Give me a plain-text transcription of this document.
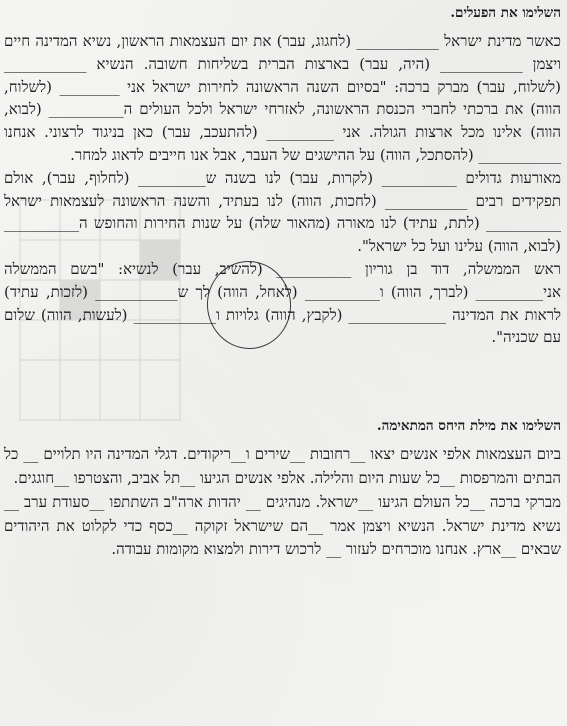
השלימו את הפעלים.

כאשר מדינת ישראל ___________ (לחגוג, עבר) את יום העצמאות הראשון, נשיא המדינה חיים ויצמן ___________ (היה, עבר) בארצות הברית בשליחות חשובה. הנשיא ___________ (לשלוח, עבר) מברק ברכה: "בסיום השנה הראשונה לחירות ישראל אני ________ (לשלוח, הווה) את ברכתי לחברי הכנסת הראשונה, לאזרחי ישראל ולכל העולים ה__________ (לבוא, הווה) אלינו מכל ארצות הגולה. אני _________ (להתעכב, עבר) כאן בניגוד לרצוני. אנחנו ___________ (להסתכל, הווה) על ההישגים של העבר, אבל אנו חייבים לדאוג למחר.

מאורעות גדולים __________ (לקרות, עבר) לנו בשנה ש_________ (לחלוף, עבר), אולם תפקידים רבים ___________ (לחכות, הווה) לנו בעתיד, והשנה הראשונה לעצמאות ישראל __________ (לתת, עתיד) לנו מאורה (מהאור שלה) על שנות החירות והחופש ה__________ (לבוא, הווה) עלינו ועל כל ישראל".

ראש הממשלה, דוד בן גוריון __________ (להשיב, עבר) לנשיא: "בשם הממשלה אני_________ (לברך, הווה) ו__________ (לאחל, הווה) לך ש___________ (לזכות, עתיד) לראות את המדינה _____________ (לקבץ, הווה) גלויות ו___________ (לעשות, הווה) שלום עם שכניה".

השלימו את מילת היחס המתאימה.

ביום העצמאות אלפי אנשים יצאו __רחובות __שירים ו__ריקודים. דגלי המדינה היו תלויים __ כל הבתים והמרפסות __כל שעות היום והלילה. אלפי אנשים הגיעו __תל אביב, והצטרפו __חוגגים.

מברקי ברכה __כל העולם הגיעו __ישראל. מנהיגים __ יהדות ארה"ב השתתפו __סעודת ערב __ נשיא מדינת ישראל. הנשיא ויצמן אמר __הם שישראל זקוקה __כסף כדי לקלוט את היהודים שבאים __ארץ. אנחנו מוכרחים לעזור __ לרכוש דירות ולמצוא מקומות עבודה.
